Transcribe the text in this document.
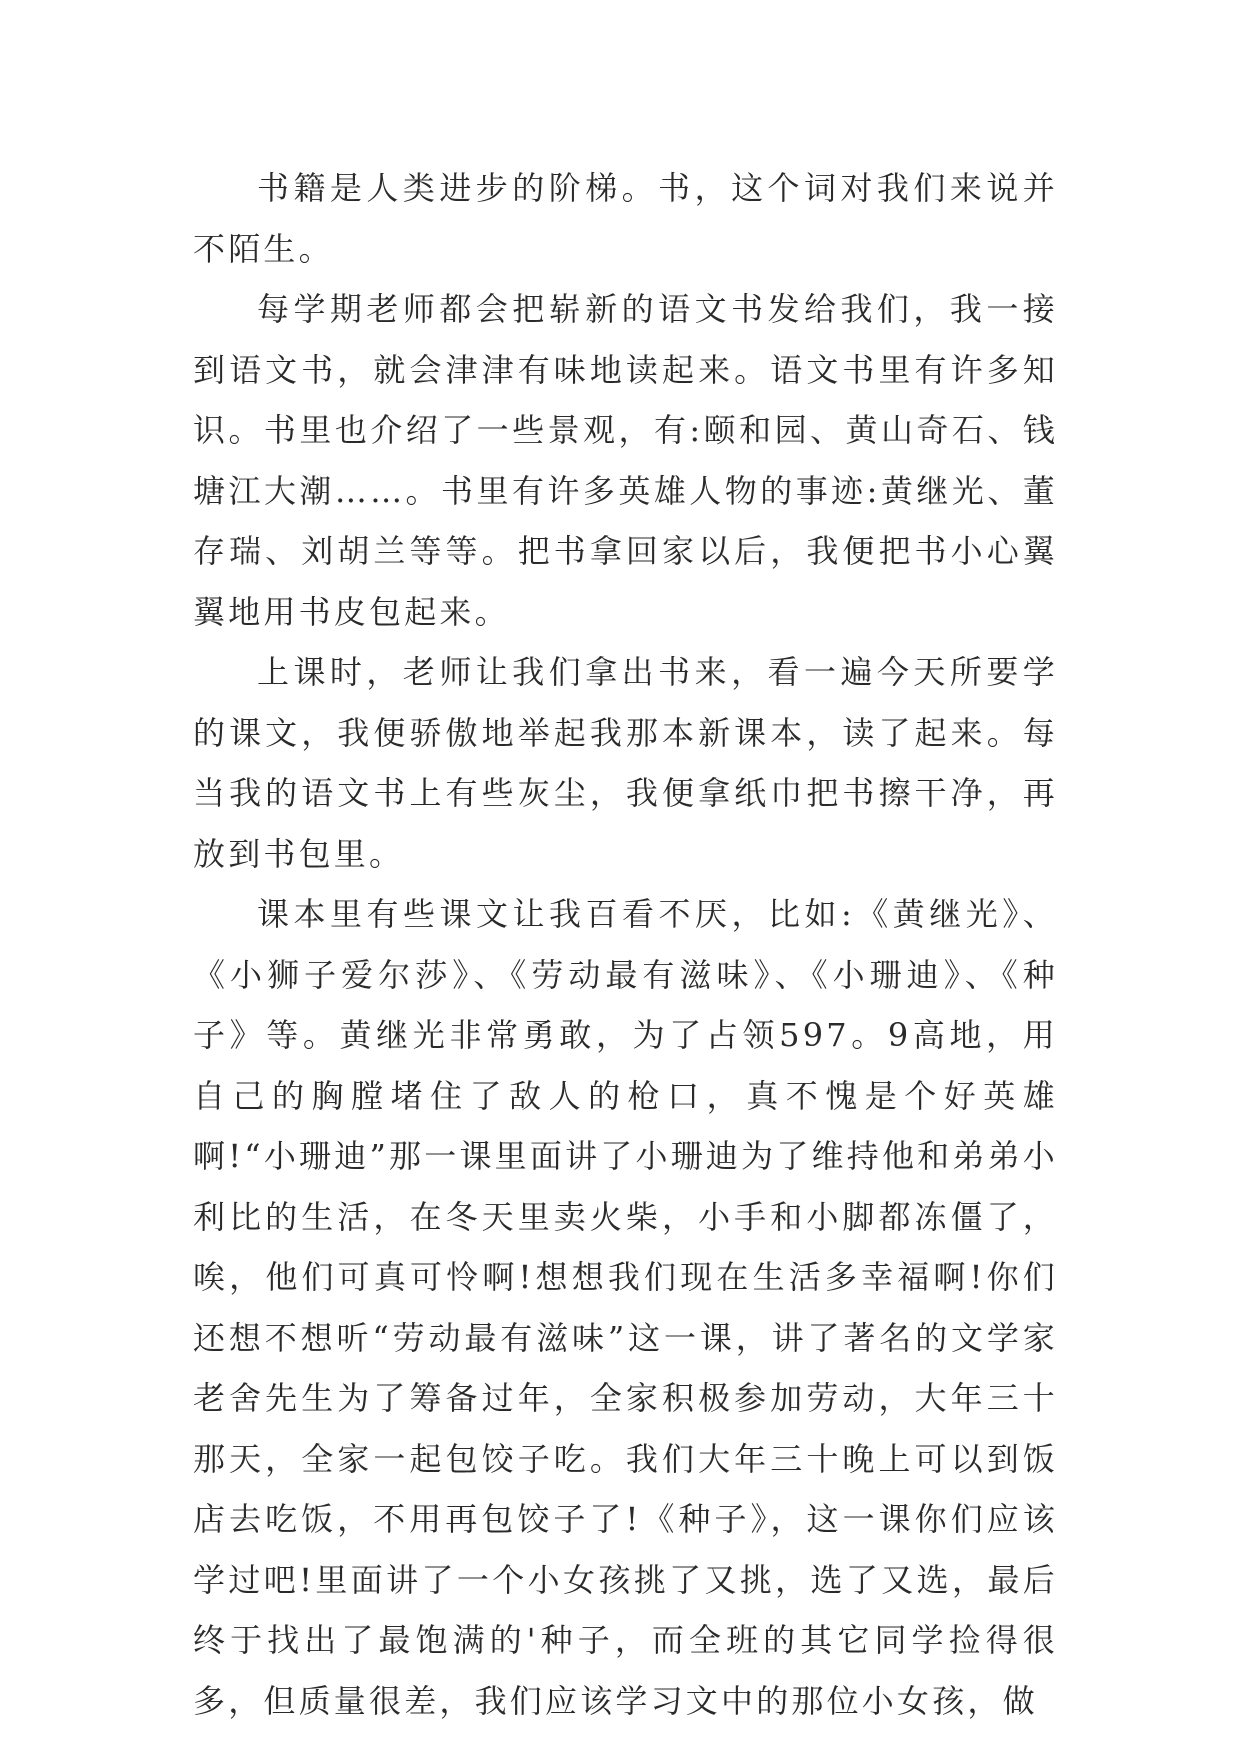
书籍是人类进步的阶梯。书，这个词对我们来说并不陌生。

每学期老师都会把崭新的语文书发给我们，我一接到语文书，就会津津有味地读起来。语文书里有许多知识。书里也介绍了一些景观，有:颐和园、黄山奇石、钱塘江大潮……。书里有许多英雄人物的事迹:黄继光、董存瑞、刘胡兰等等。把书拿回家以后，我便把书小心翼翼地用书皮包起来。

上课时，老师让我们拿出书来，看一遍今天所要学的课文，我便骄傲地举起我那本新课本，读了起来。每当我的语文书上有些灰尘，我便拿纸巾把书擦干净，再放到书包里。

课本里有些课文让我百看不厌，比如:《黄继光》、《小狮子爱尔莎》、《劳动最有滋味》、《小珊迪》、《种子》等。黄继光非常勇敢，为了占领597。9高地，用自己的胸膛堵住了敌人的枪口，真不愧是个好英雄啊!“小珊迪”那一课里面讲了小珊迪为了维持他和弟弟小利比的生活，在冬天里卖火柴，小手和小脚都冻僵了，唉，他们可真可怜啊!想想我们现在生活多幸福啊!你们还想不想听“劳动最有滋味”这一课，讲了著名的文学家老舍先生为了筹备过年，全家积极参加劳动，大年三十那天，全家一起包饺子吃。我们大年三十晚上可以到饭店去吃饭，不用再包饺子了!《种子》，这一课你们应该学过吧!里面讲了一个小女孩挑了又挑，选了又选，最后终于找出了最饱满的'种子，而全班的其它同学捡得很多，但质量很差，我们应该学习文中的那位小女孩，做
